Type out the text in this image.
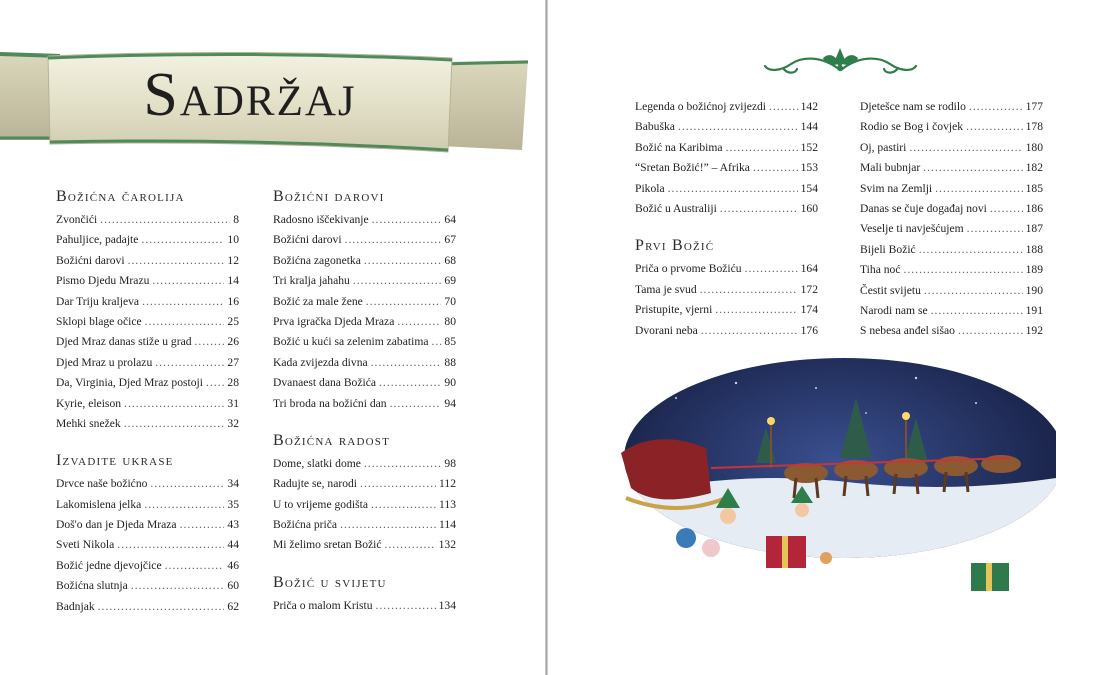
Sadržaj
Božićna čarolija
Zvončići .....	8
Pahuljice, padajte .....	10
Božićni darovi .....	12
Pismo Djedu Mrazu .....	14
Dar Triju kraljeva .....	16
Sklopi blage očice .....	25
Djed Mraz danas stiže u grad .....	26
Djed Mraz u prolazu .....	27
Da, Virginia, Djed Mraz postoji ..... 28
Kyrie, eleison .....	31
Mehki snežek .....	32
Izvadite ukrase
Drvce naše božićno .....	34
Lakomislena jelka .....	35
Doš'o dan je Djeda Mraza .....	43
Sveti Nikola .....	44
Božić jedne djevojčice .....	46
Božićna slutnja .....	60
Badnjak .....	62
Božićni darovi
Radosno iščekivanje .....	64
Božićni darovi .....	67
Božićna zagonetka .....	68
Tri kralja jahahu .....	69
Božić za male žene .....	70
Prva igračka Djeda Mraza .....	80
Božić u kući sa zelenim zabatima ..... 85
Kada zvijezda divna .....	88
Dvanaest dana Božića .....	90
Tri broda na božićni dan .....	94
Božićna radost
Dome, slatki dome .....	98
Radujte se, narodi .....	112
U to vrijeme godišta .....	113
Božićna priča .....	114
Mi želimo sretan Božić .....	132
Božić u svijetu
Priča o malom Kristu .....	134
Legenda o božićnoj zvijezdi .....	142
Babuška .....	144
Božić na Karibima .....	152
“Sretan Božić!” – Afrika .....	153
Pikola .....	154
Božić u Australiji .....	160
Prvi Božić
Priča o prvome Božiću .....	164
Tama je svud .....	172
Pristupite, vjerni .....	174
Dvorani neba .....	176
Djetešce nam se rodilo .....	177
Rodio se Bog i čovjek .....	178
Oj, pastiri .....	180
Mali bubnjar .....	182
Svim na Zemlji .....	185
Danas se čuje događaj novi .....	186
Veselje ti navješćujem .....	187
Bijeli Božić .....	188
Tiha noć .....	189
Čestit svijetu .....	190
Narodi nam se .....	191
S nebesa anđel sišao .....	192
